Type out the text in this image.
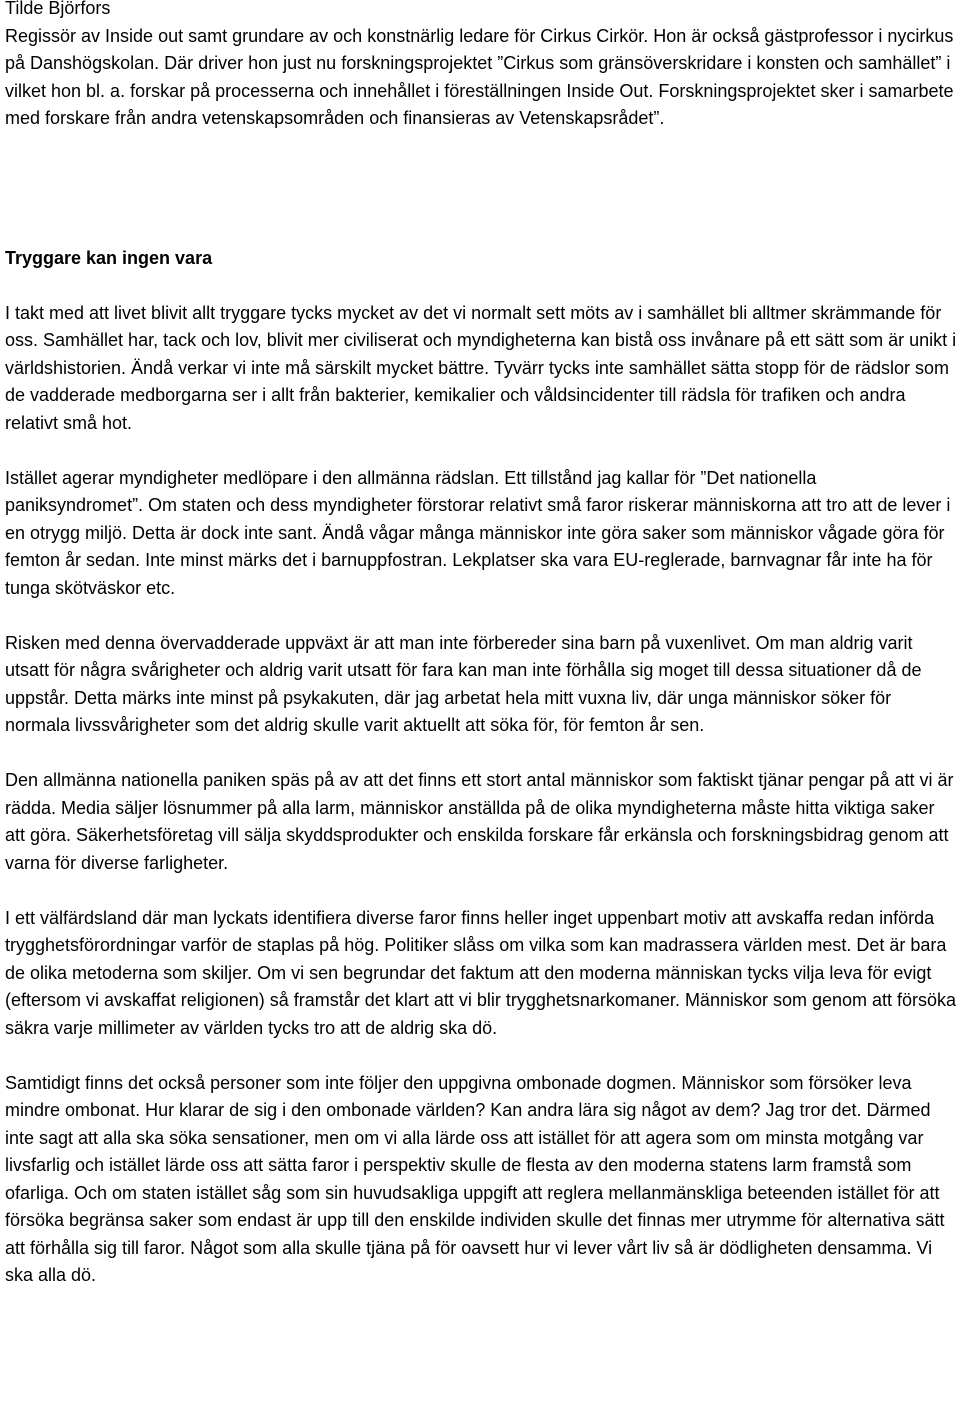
Tilde Björfors

Regissör av Inside out samt grundare av och konstnärlig ledare för Cirkus Cirkör. Hon är också gästprofessor i nycirkus på Danshögskolan. Där driver hon just nu forskningsprojektet ”Cirkus som gränsöverskridare i konsten och samhället” i vilket hon bl. a. forskar på processerna och innehållet i föreställningen Inside Out. Forskningsprojektet sker i samarbete med forskare från andra vetenskapsområden och finansieras av Vetenskapsrådet”.

Tryggare kan ingen vara

I takt med att livet blivit allt tryggare tycks mycket av det vi normalt sett möts av i samhället bli alltmer skrämmande för oss. Samhället har, tack och lov, blivit mer civiliserat och myndigheterna kan bistå oss invånare på ett sätt som är unikt i världshistorien. Ändå verkar vi inte må särskilt mycket bättre. Tyvärr tycks inte samhället sätta stopp för de rädslor som de vadderade medborgarna ser i allt från bakterier, kemikalier och våldsincidenter till rädsla för trafiken och andra relativt små hot.

Istället agerar myndigheter medlöpare i den allmänna rädslan. Ett tillstånd jag kallar för ”Det nationella paniksyndromet”. Om staten och dess myndigheter förstorar relativt små faror riskerar människorna att tro att de lever i en otrygg miljö. Detta är dock inte sant. Ändå vågar många människor inte göra saker som människor vågade göra för femton år sedan. Inte minst märks det i barnuppfostran. Lekplatser ska vara EU-reglerade, barnvagnar får inte ha för tunga skötväskor etc.

Risken med denna övervadderade uppväxt är att man inte förbereder sina barn på vuxenlivet. Om man aldrig varit utsatt för några svårigheter och aldrig varit utsatt för fara kan man inte förhålla sig moget till dessa situationer då de uppstår. Detta märks inte minst på psykakuten, där jag arbetat hela mitt vuxna liv, där unga människor söker för normala livssvårigheter som det aldrig skulle varit aktuellt att söka för, för femton år sen.

Den allmänna nationella paniken späs på av att det finns ett stort antal människor som faktiskt tjänar pengar på att vi är rädda. Media säljer lösnummer på alla larm, människor anställda på de olika myndigheterna måste hitta viktiga saker att göra. Säkerhetsföretag vill sälja skyddsprodukter och enskilda forskare får erkänsla och forskningsbidrag genom att varna för diverse farligheter.

I ett välfärdsland där man lyckats identifiera diverse faror finns heller inget uppenbart motiv att avskaffa redan införda trygghetsförordningar varför de staplas på hög. Politiker slåss om vilka som kan madrassera världen mest. Det är bara de olika metoderna som skiljer. Om vi sen begrundar det faktum att den moderna människan tycks vilja leva för evigt (eftersom vi avskaffat religionen) så framstår det klart att vi blir trygghetsnarkomaner. Människor som genom att försöka säkra varje millimeter av världen tycks tro att de aldrig ska dö.

Samtidigt finns det också personer som inte följer den uppgivna ombonade dogmen. Människor som försöker leva mindre ombonat. Hur klarar de sig i den ombonade världen? Kan andra lära sig något av dem? Jag tror det. Därmed inte sagt att alla ska söka sensationer, men om vi alla lärde oss att istället för att agera som om minsta motgång var livsfarlig och istället lärde oss att sätta faror i perspektiv skulle de flesta av den moderna statens larm framstå som ofarliga. Och om staten istället såg som sin huvudsakliga uppgift att reglera mellanmänskliga beteenden istället för att försöka begränsa saker som endast är upp till den enskilde individen skulle det finnas mer utrymme för alternativa sätt att förhålla sig till faror. Något som alla skulle tjäna på för oavsett hur vi lever vårt liv så är dödligheten densamma. Vi ska alla dö.
